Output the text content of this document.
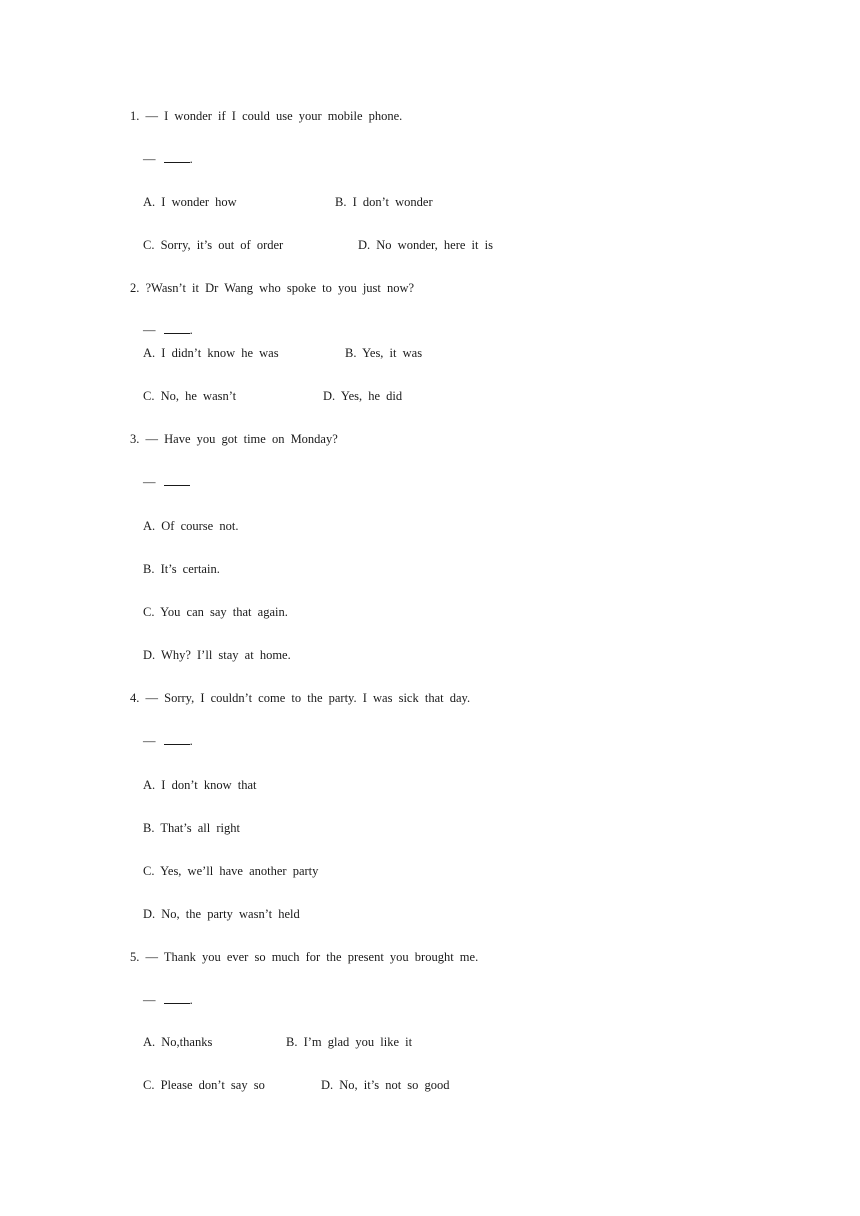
1. — I wonder if I could use your mobile phone.
—	.
A. I wonder how	B. I don’t wonder
C. Sorry, it’s out of order	D. No wonder, here it is
2. ?Wasn’t it Dr Wang who spoke to you just now?
—	.
A. I didn’t know he was	B. Yes, it was
C. No, he wasn’t	D. Yes, he did
3. — Have you got time on Monday?
—
A. Of course not.
B. It’s certain.
C. You can say that again.
D. Why? I’ll stay at home.
4. — Sorry, I couldn’t come to the party. I was sick that day.
—	.
A. I don’t know that
B. That’s all right
C. Yes, we’ll have another party
D. No, the party wasn’t held
5. — Thank you ever so much for the present you brought me.
—	.
A. No,thanks	B. I’m glad you like it
C. Please don’t say so	D. No, it’s not so good
